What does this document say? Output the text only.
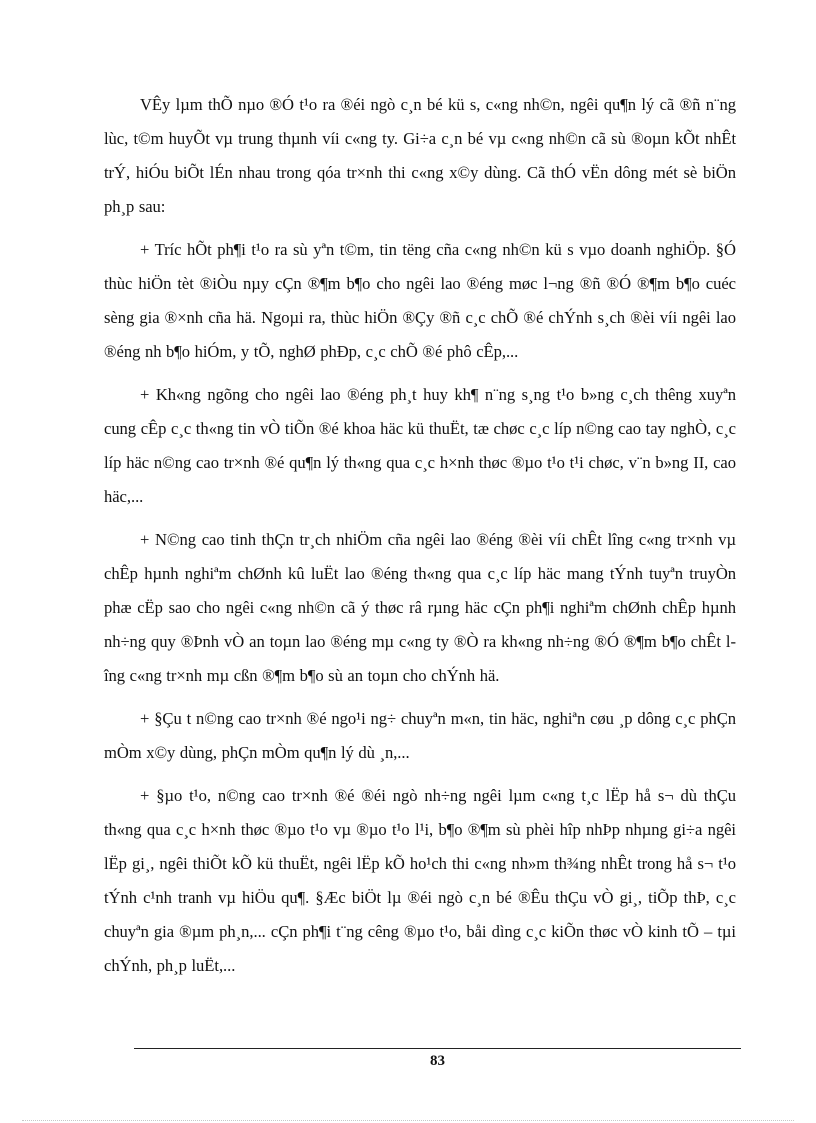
VÊy lµm thÕ nµo ®Ó t¹o ra ®éi ngò c¸n bé kü s, c«ng nh©n, ngêi qu¶n lý cã ®ñ n¨ng lùc, t©m huyÕt vµ trung thµnh víi c«ng ty. Gi÷a c¸n bé vµ c«ng nh©n cã sù ®oµn kÕt nhÊt trÝ, hiÓu biÕt lÉn nhau trong qóa tr×nh thi c«ng x©y dùng. Cã thÓ vËn dông mét sè biÖn ph¸p sau:

+ Tríc hÕt ph¶i t¹o ra sù yªn t©m, tin tëng cña c«ng nh©n kü s vµo doanh nghiÖp. §Ó thùc hiÖn tèt ®iÒu nµy cÇn ®¶m b¶o cho ngêi lao ®éng møc l¬ng ®ñ ®Ó ®¶m b¶o cuéc sèng gia ®×nh cña hä. Ngoµi ra, thùc hiÖn ®Çy ®ñ c¸c chÕ ®é chÝnh s¸ch ®èi víi ngêi lao ®éng nh b¶o hiÓm, y tÕ, nghØ phÐp, c¸c chÕ ®é phô cÊp,...

+ Kh«ng ngõng cho ngêi lao ®éng ph¸t huy kh¶ n¨ng s¸ng t¹o b»ng c¸ch thêng xuyªn cung cÊp c¸c th«ng tin vÒ tiÕn ®é khoa häc kü thuËt, tæ chøc c¸c líp n©ng cao tay nghÒ, c¸c líp häc n©ng cao tr×nh ®é qu¶n lý th«ng qua c¸c h×nh thøc ®µo t¹o t¹i chøc, v¨n b»ng II, cao häc,...

+ N©ng cao tinh thÇn tr¸ch nhiÖm cña ngêi lao ®éng ®èi víi chÊt lîng c«ng tr×nh vµ chÊp hµnh nghiªm chØnh kû luËt lao ®éng th«ng qua c¸c líp häc mang tÝnh tuyªn truyÒn phæ cËp sao cho ngêi c«ng nh©n cã ý thøc râ rµng häc cÇn ph¶i nghiªm chØnh chÊp hµnh nh÷ng quy ®Þnh vÒ an toµn lao ®éng mµ c«ng ty ®Ò ra kh«ng nh÷ng ®Ó ®¶m b¶o chÊt lîng c«ng tr×nh mµ cßn ®¶m b¶o sù an toµn cho chÝnh hä.

+ §Çu t n©ng cao tr×nh ®é ngo¹i ng÷ chuyªn m«n, tin häc, nghiªn cøu ¸p dông c¸c phÇn mÒm x©y dùng, phÇn mÒm qu¶n lý dù ¸n,...

+ §µo t¹o, n©ng cao tr×nh ®é ®éi ngò nh÷ng ngêi lµm c«ng t¸c lËp hå s¬ dù thÇu th«ng qua c¸c h×nh thøc ®µo t¹o vµ ®µo t¹o l¹i, b¶o ®¶m sù phèi hîp nhÞp nhµng gi÷a ngêi lËp gi¸, ngêi thiÕt kÕ kü thuËt, ngêi lËp kÕ ho¹ch thi c«ng nh»m th¾ng nhÊt trong hå s¬ t¹o tÝnh c¹nh tranh vµ hiÖu qu¶. §Æc biÖt lµ ®éi ngò c¸n bé ®Êu thÇu vÒ gi¸, tiÕp thÞ, c¸c chuyªn gia ®µm ph¸n,... cÇn ph¶i t¨ng cêng ®µo t¹o, båi dìng c¸c kiÕn thøc vÒ kinh tÕ – tµi chÝnh, ph¸p luËt,...

83
